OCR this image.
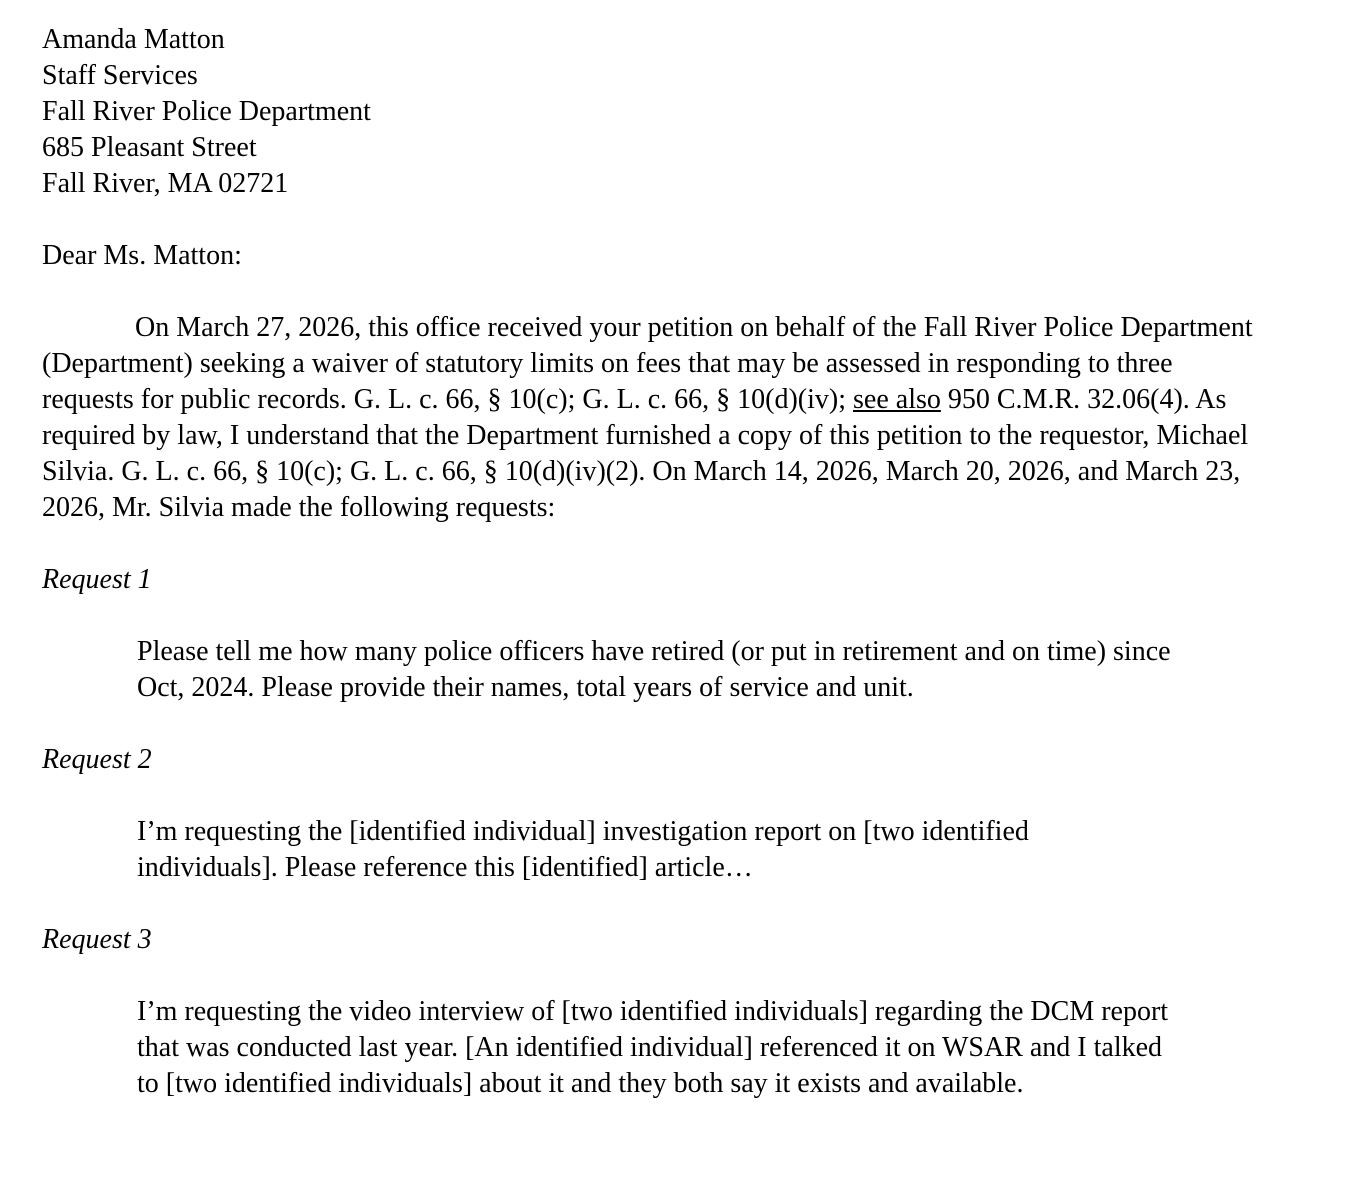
Amanda Matton
Staff Services
Fall River Police Department
685 Pleasant Street
Fall River, MA 02721
Dear Ms. Matton:

On March 27, 2026, this office received your petition on behalf of the Fall River Police Department (Department) seeking a waiver of statutory limits on fees that may be assessed in responding to three requests for public records. G. L. c. 66, § 10(c); G. L. c. 66, § 10(d)(iv); see also 950 C.M.R. 32.06(4). As required by law, I understand that the Department furnished a copy of this petition to the requestor, Michael Silvia. G. L. c. 66, § 10(c); G. L. c. 66, § 10(d)(iv)(2). On March 14, 2026, March 20, 2026, and March 23, 2026, Mr. Silvia made the following requests:

Request 1
Please tell me how many police officers have retired (or put in retirement and on time) since Oct, 2024. Please provide their names, total years of service and unit.
Request 2
I’m requesting the [identified individual] investigation report on [two identified individuals]. Please reference this [identified] article…
Request 3
I’m requesting the video interview of [two identified individuals] regarding the DCM report that was conducted last year. [An identified individual] referenced it on WSAR and I talked to [two identified individuals] about it and they both say it exists and available.
